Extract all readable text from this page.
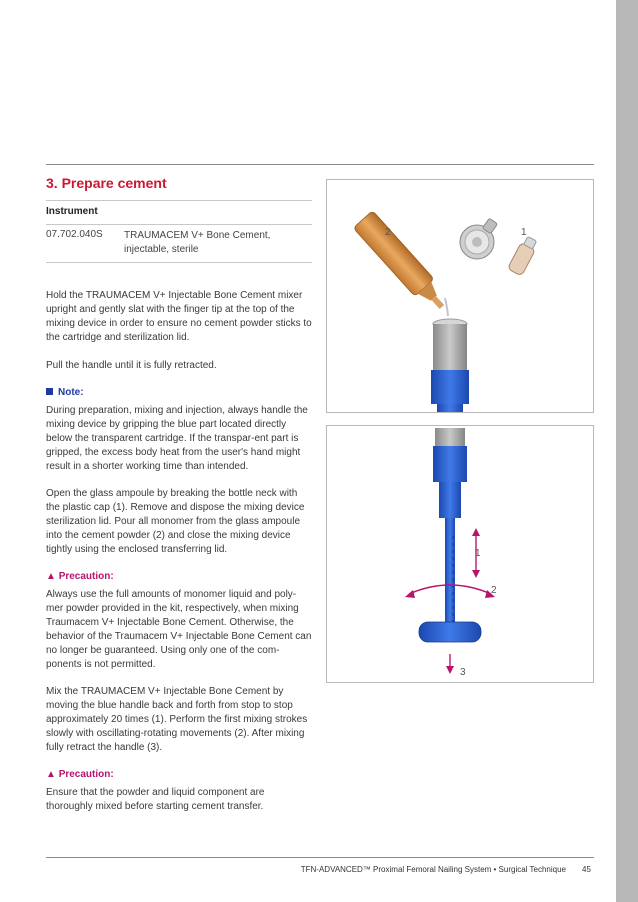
3. Prepare cement
Instrument
07.702.040S TRAUMACEM V+ Bone Cement, injectable, sterile

Hold the TRAUMACEM V+ Injectable Bone Cement mixer upright and gently slat with the finger tip at the top of the mixing device in order to ensure no cement powder sticks to the cartridge and sterilization lid.

Pull the handle until it is fully retracted.

Note:

During preparation, mixing and injection, always handle the mixing device by gripping the blue part located directly below the transparent cartridge. If the transpar-ent part is gripped, the excess body heat from the user's hand might result in a shorter working time than intended.

Open the glass ampoule by breaking the bottle neck with the plastic cap (1). Remove and dispose the mixing device sterilization lid. Pour all monomer from the glass ampoule into the cement powder (2) and close the mixing device tightly using the enclosed transferring lid.

▲ Precaution:

Always use the full amounts of monomer liquid and poly-mer powder provided in the kit, respectively, when mixing Traumacem V+ Injectable Bone Cement. Otherwise, the behavior of the Traumacem V+ Injectable Bone Cement can no longer be guaranteed. Using only one of the com-ponents is not permitted.

Mix the TRAUMACEM V+ Injectable Bone Cement by moving the blue handle back and forth from stop to stop approximately 20 times (1). Perform the first mixing strokes slowly with oscillating-rotating movements (2). After mixing fully retract the handle (3).

▲ Precaution:

Ensure that the powder and liquid component are thoroughly mixed before starting cement transfer.

2	1
1
2
3
TFN-ADVANCED™ Proximal Femoral Nailing System • Surgical Technique 45
